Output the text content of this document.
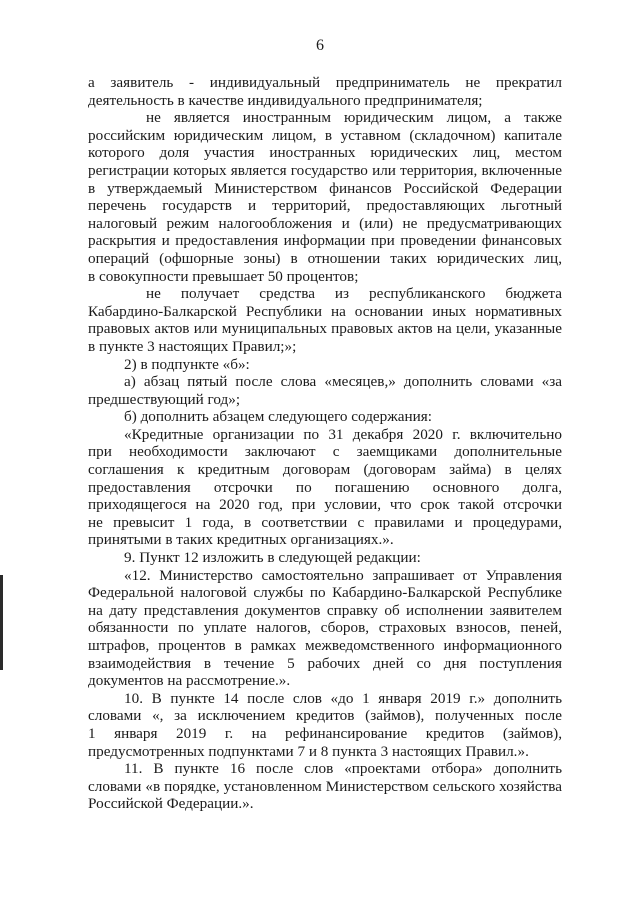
6
а заявитель - индивидуальный предприниматель не прекратил
деятельность в качестве индивидуального предпринимателя;
не является иностранным юридическим лицом, а также
российским юридическим лицом, в уставном (складочном) капитале
которого доля участия иностранных юридических лиц, местом
регистрации которых является государство или территория, включенные
в утверждаемый Министерством финансов Российской Федерации
перечень государств и территорий, предоставляющих льготный
налоговый режим налогообложения и (или) не предусматривающих
раскрытия и предоставления информации при проведении финансовых
операций (офшорные зоны) в отношении таких юридических лиц,
в совокупности превышает 50 процентов;
не получает средства из республиканского бюджета
Кабардино-Балкарской Республики на основании иных нормативных
правовых актов или муниципальных правовых актов на цели, указанные
в пункте 3 настоящих Правил;»;
2) в подпункте «б»:
а) абзац пятый после слова «месяцев,» дополнить словами «за
предшествующий год»;
б) дополнить абзацем следующего содержания:
«Кредитные организации по 31 декабря 2020 г. включительно
при необходимости заключают с заемщиками дополнительные
соглашения к кредитным договорам (договорам займа) в целях
предоставления отсрочки по погашению основного долга,
приходящегося на 2020 год, при условии, что срок такой отсрочки
не превысит 1 года, в соответствии с правилами и процедурами,
принятыми в таких кредитных организациях.».
9. Пункт 12 изложить в следующей редакции:
«12. Министерство самостоятельно запрашивает от Управления
Федеральной налоговой службы по Кабардино-Балкарской Республике
на дату представления документов справку об исполнении заявителем
обязанности по уплате налогов, сборов, страховых взносов, пеней,
штрафов, процентов в рамках межведомственного информационного
взаимодействия в течение 5 рабочих дней со дня поступления
документов на рассмотрение.».
10. В пункте 14 после слов «до 1 января 2019 г.» дополнить
словами «, за исключением кредитов (займов), полученных после
1 января 2019 г. на рефинансирование кредитов (займов),
предусмотренных подпунктами 7 и 8 пункта 3 настоящих Правил.».
11. В пункте 16 после слов «проектами отбора» дополнить
словами «в порядке, установленном Министерством сельского хозяйства
Российской Федерации.».
